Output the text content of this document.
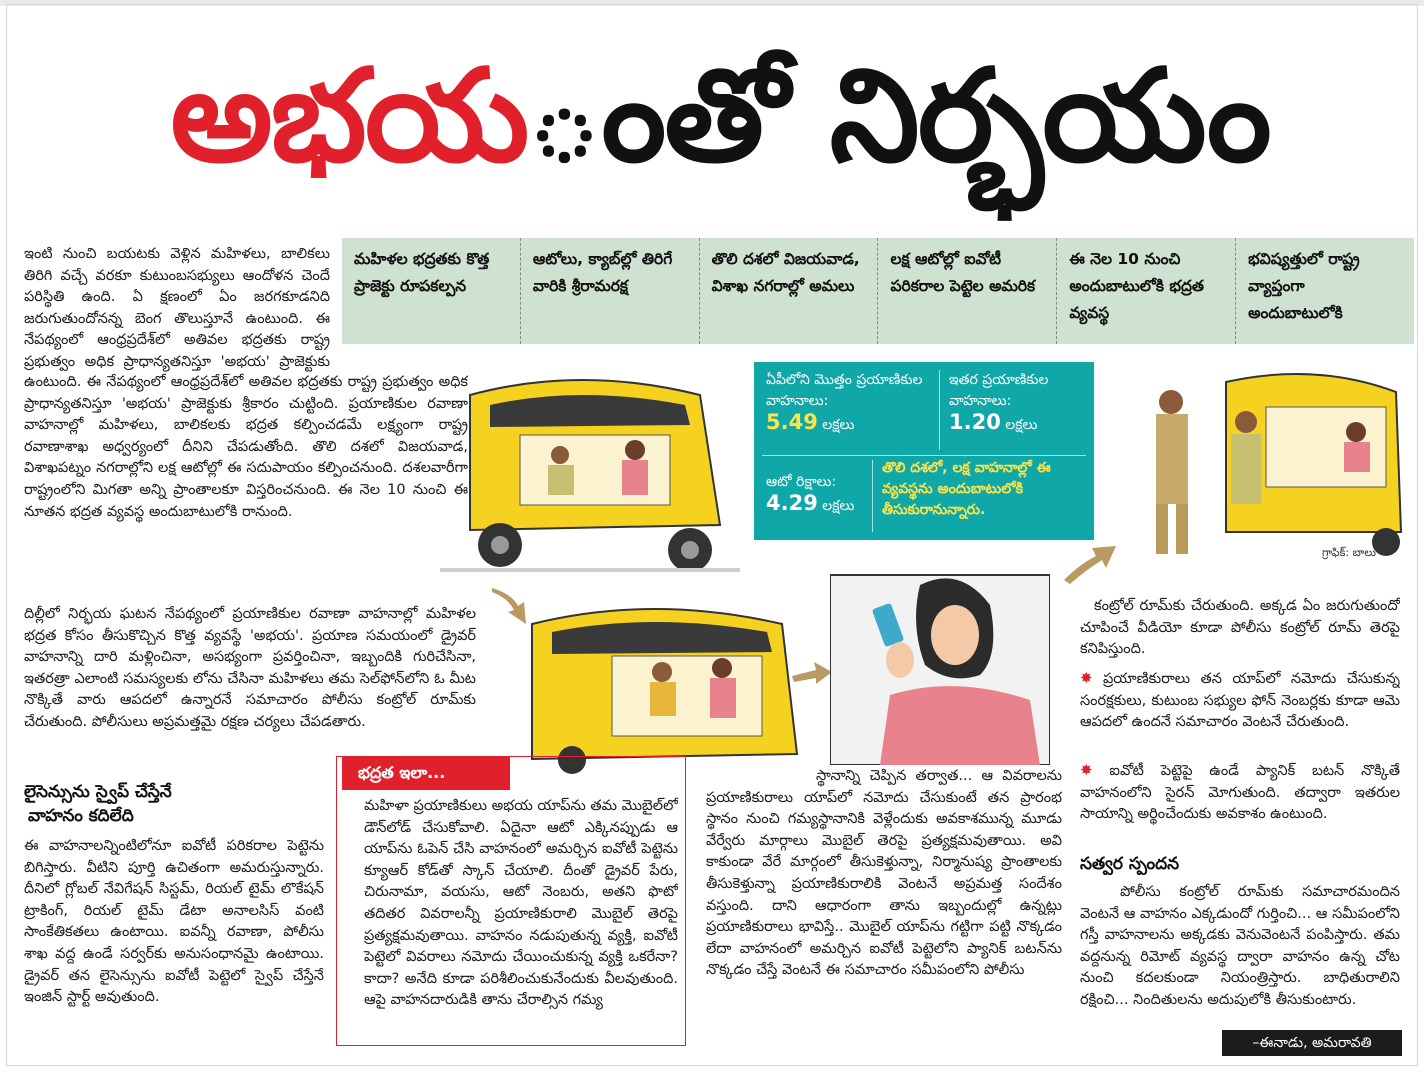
అభయ ంతో నిర్భయం
మహిళల భద్రతకు కొత్త ప్రాజెక్టు రూపకల్పన
ఆటోలు, క్యాబ్‌ల్లో తిరిగే వారికి శ్రీరామరక్ష
తొలి దశలో విజయవాడ, విశాఖ నగరాల్లో అమలు
లక్ష ఆటోల్లో ఐవోటీ పరికరాల పెట్టెల అమరిక
ఈ నెల 10 నుంచి అందుబాటులోకి భద్రత వ్యవస్థ
భవిష్యత్తులో రాష్ట్ర వ్యాప్తంగా అందుబాటులోకి

ఇంటి నుంచి బయటకు వెళ్లిన మహిళలు, బాలికలు తిరిగి వచ్చే వరకూ కుటుంబసభ్యులు ఆందోళన చెందే పరిస్థితి ఉంది. ఏ క్షణంలో ఏం జరగకూడనిది జరుగుతుందోనన్న బెంగ తొలుస్తూనే ఉంటుంది. ఈ నేపథ్యంలో ఆంధ్రప్రదేశ్‌లో అతివల భద్రతకు రాష్ట్ర ప్రభుత్వం అధిక ప్రాధాన్యతనిస్తూ 'అభయ' ప్రాజెక్టుకు

ఉంటుంది. ఈ నేపథ్యంలో ఆంధ్రప్రదేశ్‌లో అతివల భద్రతకు రాష్ట్ర ప్రభుత్వం అధిక ప్రాధాన్యతనిస్తూ 'అభయ' ప్రాజెక్టుకు శ్రీకారం చుట్టింది. ప్రయాణికుల రవాణా వాహనాల్లో మహిళలు, బాలికలకు భద్రత కల్పించడమే లక్ష్యంగా రాష్ట్ర రవాణాశాఖ అధ్వర్యంలో దీనిని చేపడుతోంది. తొలి దశలో విజయవాడ, విశాఖపట్నం నగరాల్లోని లక్ష ఆటోల్లో ఈ సదుపాయం కల్పించనుంది. దశలవారీగా రాష్ట్రంలోని మిగతా అన్ని ప్రాంతాలకూ విస్తరించనుంది. ఈ నెల 10 నుంచి ఈ నూతన భద్రత వ్యవస్థ అందుబాటులోకి రానుంది.

దిల్లీలో నిర్భయ ఘటన నేపథ్యంలో ప్రయాణికుల రవాణా వాహనాల్లో మహిళల భద్రత కోసం తీసుకొచ్చిన కొత్త వ్యవస్థే 'అభయ'. ప్రయాణ సమయంలో డ్రైవర్ వాహనాన్ని దారి మళ్లించినా, అసభ్యంగా ప్రవర్తించినా, ఇబ్బందికి గురిచేసినా, ఇతరత్రా ఎలాంటి సమస్యలకు లోను చేసినా మహిళలు తమ సెల్‌ఫోన్‌లోని ఓ మీట నొక్కితే వారు ఆపదలో ఉన్నారనే సమాచారం పోలీసు కంట్రోల్ రూమ్‌కు చేరుతుంది. పోలీసులు అప్రమత్తమై రక్షణ చర్యలు చేపడతారు.

లైసెన్సును స్వైప్ చేస్తేనే

వాహనం కదిలేది

ఈ వాహనాలన్నింటిలోనూ ఐవోటీ పరికరాల పెట్టెను బిగిస్తారు. వీటిని పూర్తి ఉచితంగా అమరుస్తున్నారు. దీనిలో గ్లోబల్ నేవిగేషన్ సిస్టమ్, రియల్ టైమ్ లొకేషన్ ట్రాకింగ్, రియల్ టైమ్ డేటా అనాలసిస్ వంటి సాంకేతికతలు ఉంటాయి. ఐవన్నీ రవాణా, పోలీసు శాఖ వద్ద ఉండే సర్వర్‌కు అనుసంధానమై ఉంటాయి. డ్రైవర్ తన లైసెన్సును ఐవోటీ పెట్టెలో స్వైప్ చేస్తేనే ఇంజిన్ స్టార్ట్ అవుతుంది.

ఏపీలోని మొత్తం ప్రయాణికుల వాహనాలు:
5.49 లక్షలు
ఇతర ప్రయాణికుల వాహనాలు:
1.20 లక్షలు
ఆటో రిక్షాలు:
4.29 లక్షలు
తొలి దశలో, లక్ష వాహనాల్లో ఈ వ్యవస్థను అందుబాటులోకి తీసుకురానున్నారు.
గ్రాఫిక్: బాలు
భద్రత ఇలా...

మహిళా ప్రయాణికులు అభయ యాప్‌ను తమ మొబైల్‌లో డౌన్‌లోడ్ చేసుకోవాలి. ఏదైనా ఆటో ఎక్కినప్పుడు ఆ యాప్‌ను ఓపెన్ చేసి వాహనంలో అమర్చిన ఐవోటీ పెట్టెను క్యూఆర్ కోడ్‌తో స్కాన్ చేయాలి. దీంతో డ్రైవర్ పేరు, చిరునామా, వయసు, ఆటో నెంబరు, అతని ఫొటో తదితర వివరాలన్నీ ప్రయాణికురాలి మొబైల్ తెరపై ప్రత్యక్షమవుతాయి. వాహనం నడుపుతున్న వ్యక్తి, ఐవోటీ పెట్టెలో వివరాలు నమోదు చేయించుకున్న వ్యక్తి ఒకరేనా? కాదా? అనేది కూడా పరిశీలించుకునేందుకు వీలవుతుంది. ఆపై వాహనదారుడికి తాను చేరాల్సిన గమ్య

స్థానాన్ని చెప్పిన తర్వాత... ఆ వివరాలను ప్రయాణికురాలు యాప్‌లో నమోదు చేసుకుంటే తన ప్రారంభ స్థానం నుంచి గమ్యస్థానానికి వెళ్లేందుకు అవకాశమున్న మూడు వేర్వేరు మార్గాలు మొబైల్ తెరపై ప్రత్యక్షమవుతాయి. అవి కాకుండా వేరే మార్గంలో తీసుకెళ్తున్నా, నిర్మానుష్య ప్రాంతాలకు తీసుకెళ్తున్నా ప్రయాణికురాలికి వెంటనే అప్రమత్త సందేశం వస్తుంది. దాని ఆధారంగా తాను ఇబ్బందుల్లో ఉన్నట్లు ప్రయాణికురాలు భావిస్తే.. మొబైల్ యాప్‌ను గట్టిగా పట్టి నొక్కడం లేదా వాహనంలో అమర్చిన ఐవోటీ పెట్టెలోని ప్యానిక్ బటన్‌ను నొక్కడం చేస్తే వెంటనే ఈ సమాచారం సమీపంలోని పోలీసు

కంట్రోల్ రూమ్‌కు చేరుతుంది. అక్కడ ఏం జరుగుతుందో చూపించే వీడియో కూడా పోలీసు కంట్రోల్ రూమ్ తెరపై కనిపిస్తుంది.

✸ ప్రయాణికురాలు తన యాప్‌లో నమోదు చేసుకున్న సంరక్షకులు, కుటుంబ సభ్యుల ఫోన్ నెంబర్లకు కూడా ఆమె ఆపదలో ఉందనే సమాచారం వెంటనే చేరుతుంది.

✸ ఐవోటీ పెట్టెపై ఉండే ప్యానిక్ బటన్ నొక్కితే వాహనంలోని సైరన్ మోగుతుంది. తద్వారా ఇతరుల సాయాన్ని అర్థించేందుకు అవకాశం ఉంటుంది.

సత్వర స్పందన

పోలీసు కంట్రోల్ రూమ్‌కు సమాచారమందిన వెంటనే ఆ వాహనం ఎక్కడుందో గుర్తించి... ఆ సమీపంలోని గస్తీ వాహనాలను అక్కడకు వెనువెంటనే పంపిస్తారు. తమ వద్దనున్న రిమోట్ వ్యవస్థ ద్వారా వాహనం ఉన్న చోట నుంచి కదలకుండా నియంత్రిస్తారు. బాధితురాలిని రక్షించి... నిందితులను అదుపులోకి తీసుకుంటారు.

–ఈనాడు, అమరావతి
